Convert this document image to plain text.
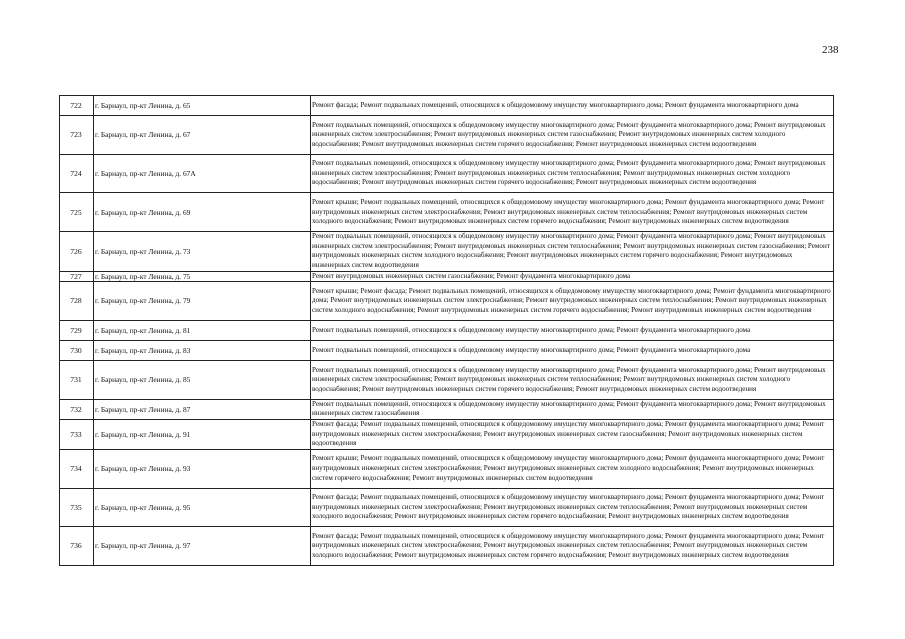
238
722	г. Барнаул, пр-кт Ленина, д. 65	Ремонт фасада; Ремонт подвальных помещений, относящихся к общедомовому имуществу многоквартирного дома; Ремонт фундамента многоквартирного дома
723	г. Барнаул, пр-кт Ленина, д. 67	Ремонт подвальных помещений, относящихся к общедомовому имуществу многоквартирного дома; Ремонт фундамента многоквартирного дома; Ремонт внутридомовых инженерных систем электроснабжения; Ремонт внутридомовых инженерных систем газоснабжения; Ремонт внутридомовых инженерных систем холодного водоснабжения; Ремонт внутридомовых инженерных систем горячего водоснабжения; Ремонт внутридомовых инженерных систем водоотведения
724	г. Барнаул, пр-кт Ленина, д. 67А	Ремонт подвальных помещений, относящихся к общедомовому имуществу многоквартирного дома; Ремонт фундамента многоквартирного дома; Ремонт внутридомовых инженерных систем электроснабжения; Ремонт внутридомовых инженерных систем теплоснабжения; Ремонт внутридомовых инженерных систем холодного водоснабжения; Ремонт внутридомовых инженерных систем горячего водоснабжения; Ремонт внутридомовых инженерных систем водоотведения
725	г. Барнаул, пр-кт Ленина, д. 69	Ремонт крыши; Ремонт подвальных помещений, относящихся к общедомовому имуществу многоквартирного дома; Ремонт фундамента многоквартирного дома; Ремонт внутридомовых инженерных систем электроснабжения; Ремонт внутридомовых инженерных систем теплоснабжения; Ремонт внутридомовых инженерных систем холодного водоснабжения; Ремонт внутридомовых инженерных систем горячего водоснабжения; Ремонт внутридомовых инженерных систем водоотведения
726	г. Барнаул, пр-кт Ленина, д. 73	Ремонт подвальных помещений, относящихся к общедомовому имуществу многоквартирного дома; Ремонт фундамента многоквартирного дома; Ремонт внутридомовых инженерных систем электроснабжения; Ремонт внутридомовых инженерных систем теплоснабжения; Ремонт внутридомовых инженерных систем газоснабжения; Ремонт внутридомовых инженерных систем холодного водоснабжения; Ремонт внутридомовых инженерных систем горячего водоснабжения; Ремонт внутридомовых инженерных систем водоотведения
727	г. Барнаул, пр-кт Ленина, д. 75	Ремонт внутридомовых инженерных систем газоснабжения; Ремонт фундамента многоквартирного дома
728	г. Барнаул, пр-кт Ленина, д. 79	Ремонт крыши; Ремонт фасада; Ремонт подвальных помещений, относящихся к общедомовому имуществу многоквартирного дома; Ремонт фундамента многоквартирного дома; Ремонт внутридомовых инженерных систем электроснабжения; Ремонт внутридомовых инженерных систем теплоснабжения; Ремонт внутридомовых инженерных систем холодного водоснабжения; Ремонт внутридомовых инженерных систем горячего водоснабжения; Ремонт внутридомовых инженерных систем водоотведения
729	г. Барнаул, пр-кт Ленина, д. 81	Ремонт подвальных помещений, относящихся к общедомовому имуществу многоквартирного дома; Ремонт фундамента многоквартирного дома
730	г. Барнаул, пр-кт Ленина, д. 83	Ремонт подвальных помещений, относящихся к общедомовому имуществу многоквартирного дома; Ремонт фундамента многоквартирного дома
731	г. Барнаул, пр-кт Ленина, д. 85	Ремонт подвальных помещений, относящихся к общедомовому имуществу многоквартирного дома; Ремонт фундамента многоквартирного дома; Ремонт внутридомовых инженерных систем электроснабжения; Ремонт внутридомовых инженерных систем теплоснабжения; Ремонт внутридомовых инженерных систем холодного водоснабжения; Ремонт внутридомовых инженерных систем горячего водоснабжения; Ремонт внутридомовых инженерных систем водоотведения
732	г. Барнаул, пр-кт Ленина, д. 87	Ремонт подвальных помещений, относящихся к общедомовому имуществу многоквартирного дома; Ремонт фундамента многоквартирного дома; Ремонт внутридомовых инженерных систем газоснабжения
733	г. Барнаул, пр-кт Ленина, д. 91	Ремонт фасада; Ремонт подвальных помещений, относящихся к общедомовому имуществу многоквартирного дома; Ремонт фундамента многоквартирного дома; Ремонт внутридомовых инженерных систем электроснабжения; Ремонт внутридомовых инженерных систем газоснабжения; Ремонт внутридомовых инженерных систем водоотведения
734	г. Барнаул, пр-кт Ленина, д. 93	Ремонт крыши; Ремонт подвальных помещений, относящихся к общедомовому имуществу многоквартирного дома; Ремонт фундамента многоквартирного дома; Ремонт внутридомовых инженерных систем электроснабжения; Ремонт внутридомовых инженерных систем холодного водоснабжения; Ремонт внутридомовых инженерных систем горячего водоснабжения; Ремонт внутридомовых инженерных систем водоотведения
735	г. Барнаул, пр-кт Ленина, д. 95	Ремонт фасада; Ремонт подвальных помещений, относящихся к общедомовому имуществу многоквартирного дома; Ремонт фундамента многоквартирного дома; Ремонт внутридомовых инженерных систем электроснабжения; Ремонт внутридомовых инженерных систем теплоснабжения; Ремонт внутридомовых инженерных систем холодного водоснабжения; Ремонт внутридомовых инженерных систем горячего водоснабжения; Ремонт внутридомовых инженерных систем водоотведения
736	г. Барнаул, пр-кт Ленина, д. 97	Ремонт фасада; Ремонт подвальных помещений, относящихся к общедомовому имуществу многоквартирного дома; Ремонт фундамента многоквартирного дома; Ремонт внутридомовых инженерных систем электроснабжения; Ремонт внутридомовых инженерных систем теплоснабжения; Ремонт внутридомовых инженерных систем холодного водоснабжения; Ремонт внутридомовых инженерных систем горячего водоснабжения; Ремонт внутридомовых инженерных систем водоотведения
